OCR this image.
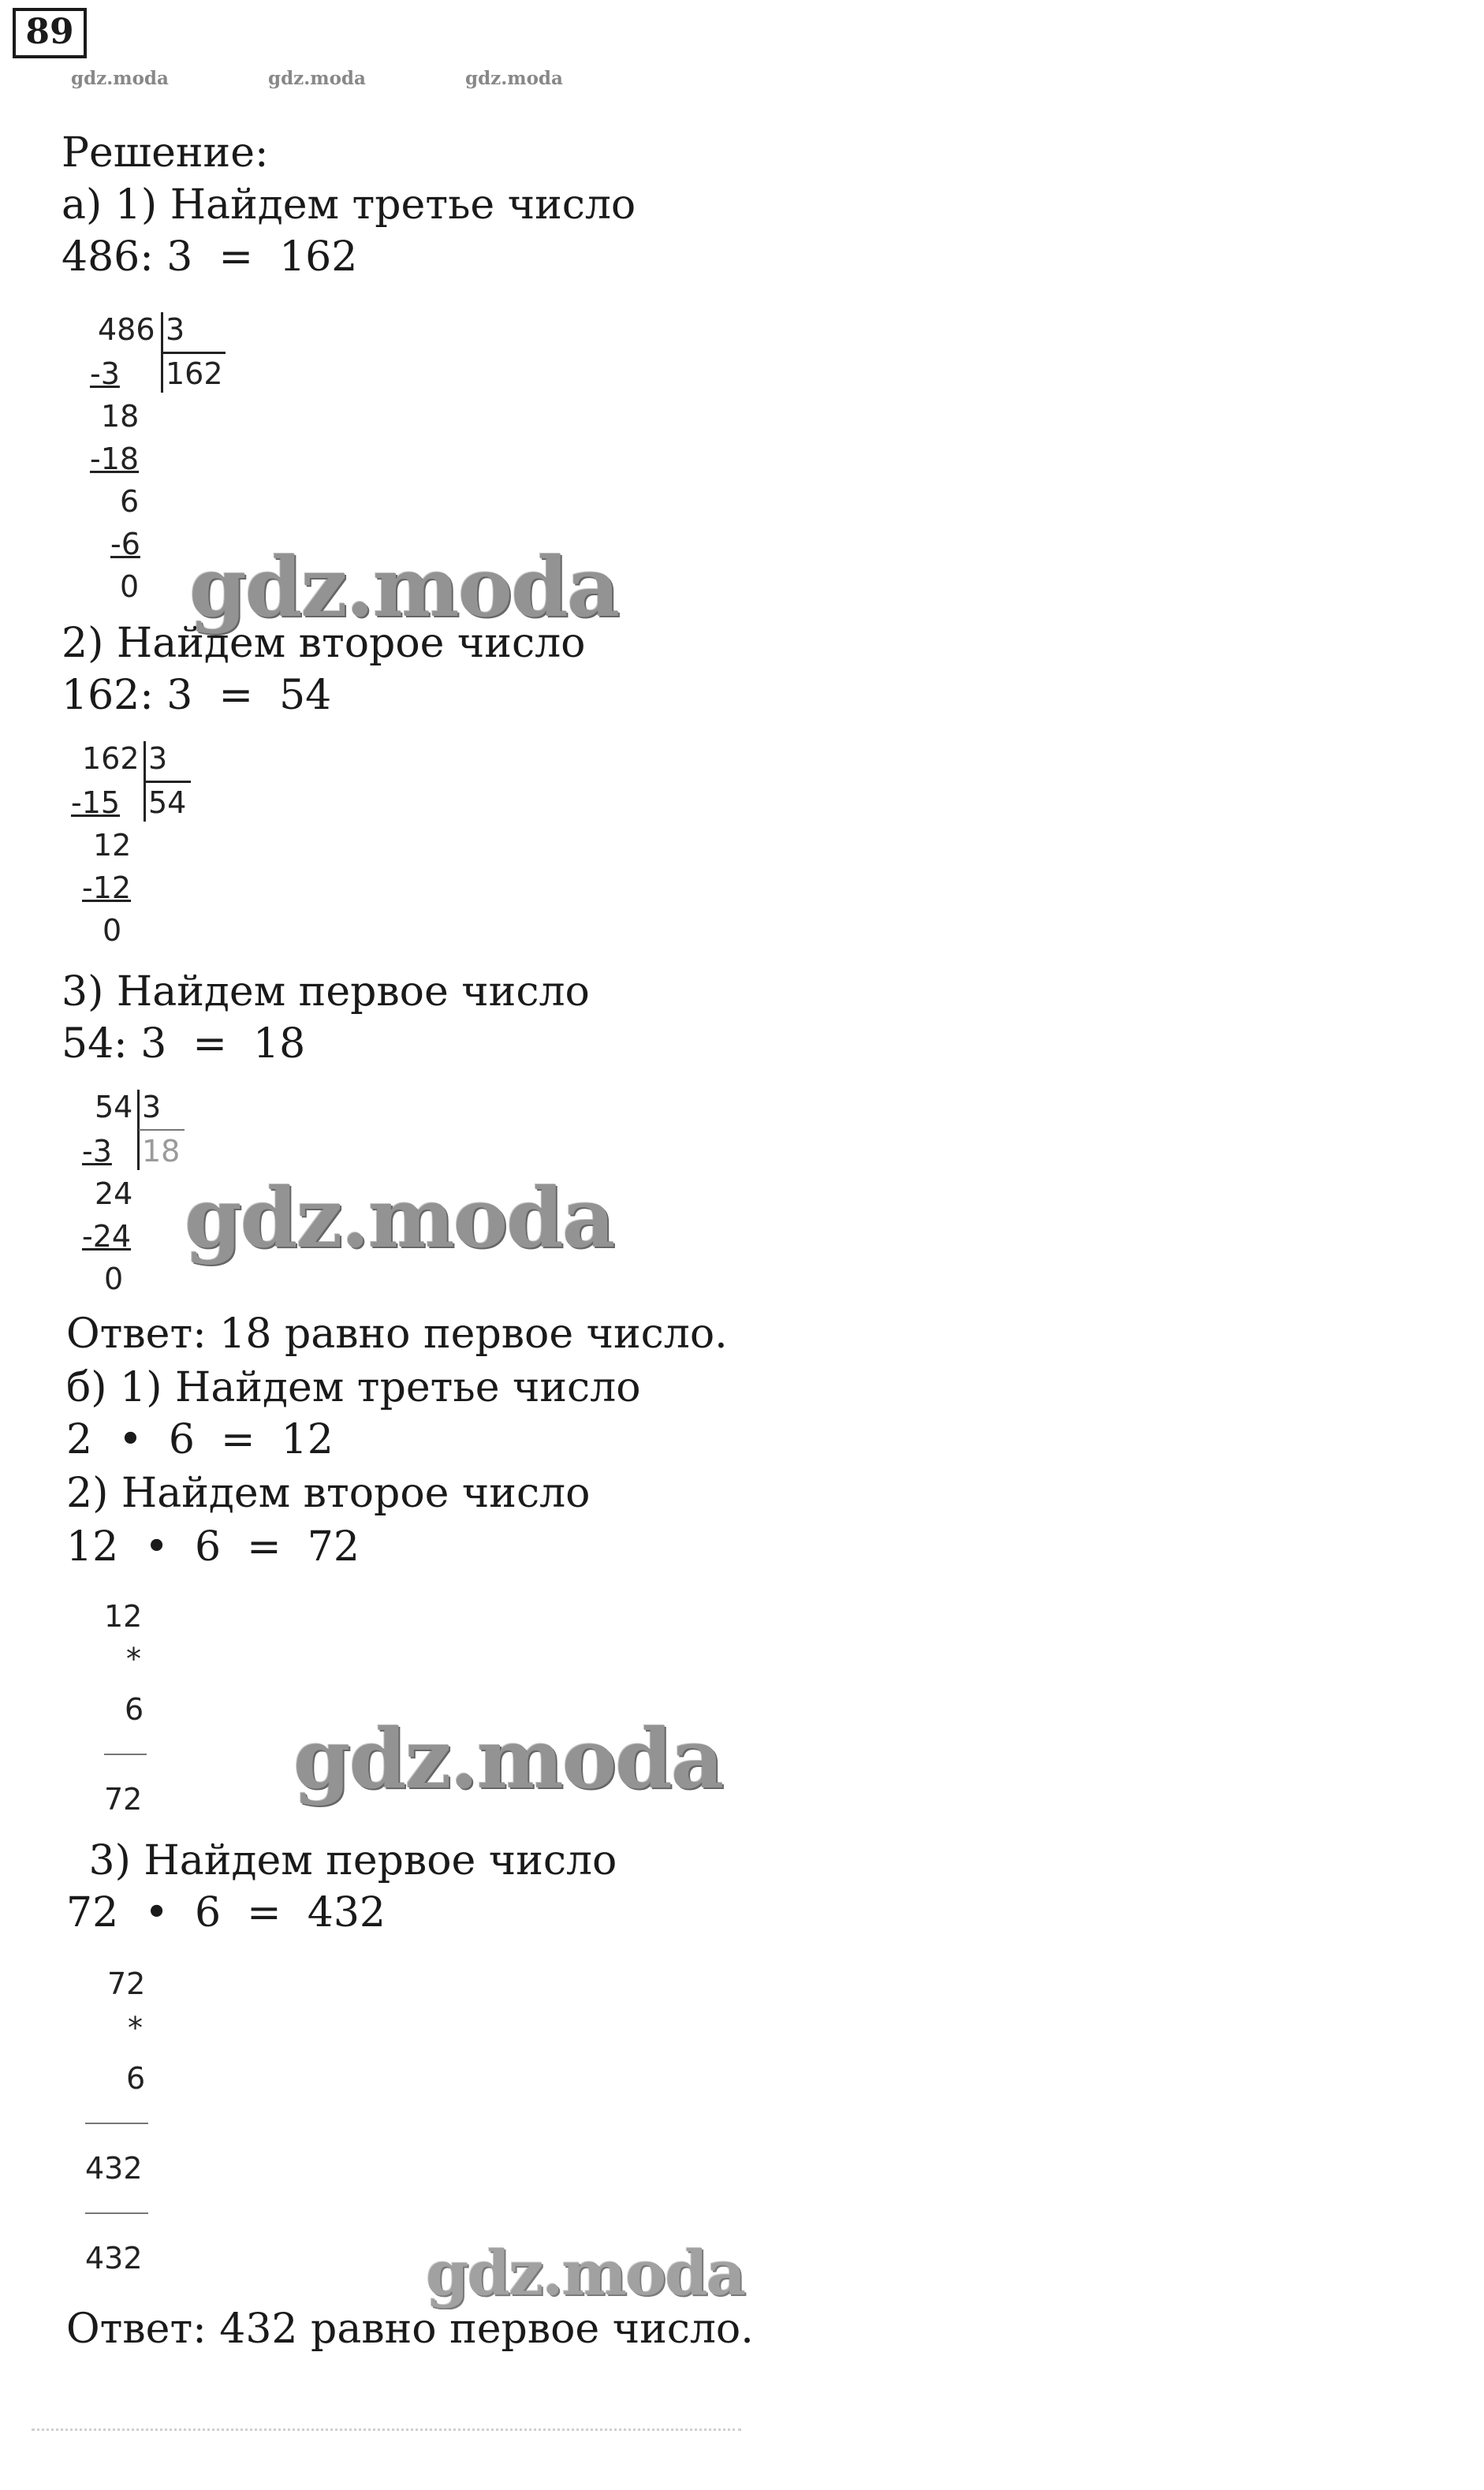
89
gdz.moda	gdz.moda	gdz.moda
Решение:
а) 1) Найдем третье число
486: 3  =  162
486 3
162
-3
18
-18
6
-6
0 gdz.moda
2) Найдем второе число
162: 3  =  54
162 3
54
-15
12
-12
0
3) Найдем первое число
54: 3  =  18
54 3
18
-3
24
-24
0
gdz.moda
Ответ: 18 равно первое число.
б) 1) Найдем третье число
2  •  6  =  12
2) Найдем второе число
12  •  6  =  72
12
*
6
72 gdz.moda
3) Найдем первое число
72  •  6  =  432
72
*
6
432
432	gdz.moda
Ответ: 432 равно первое число.
